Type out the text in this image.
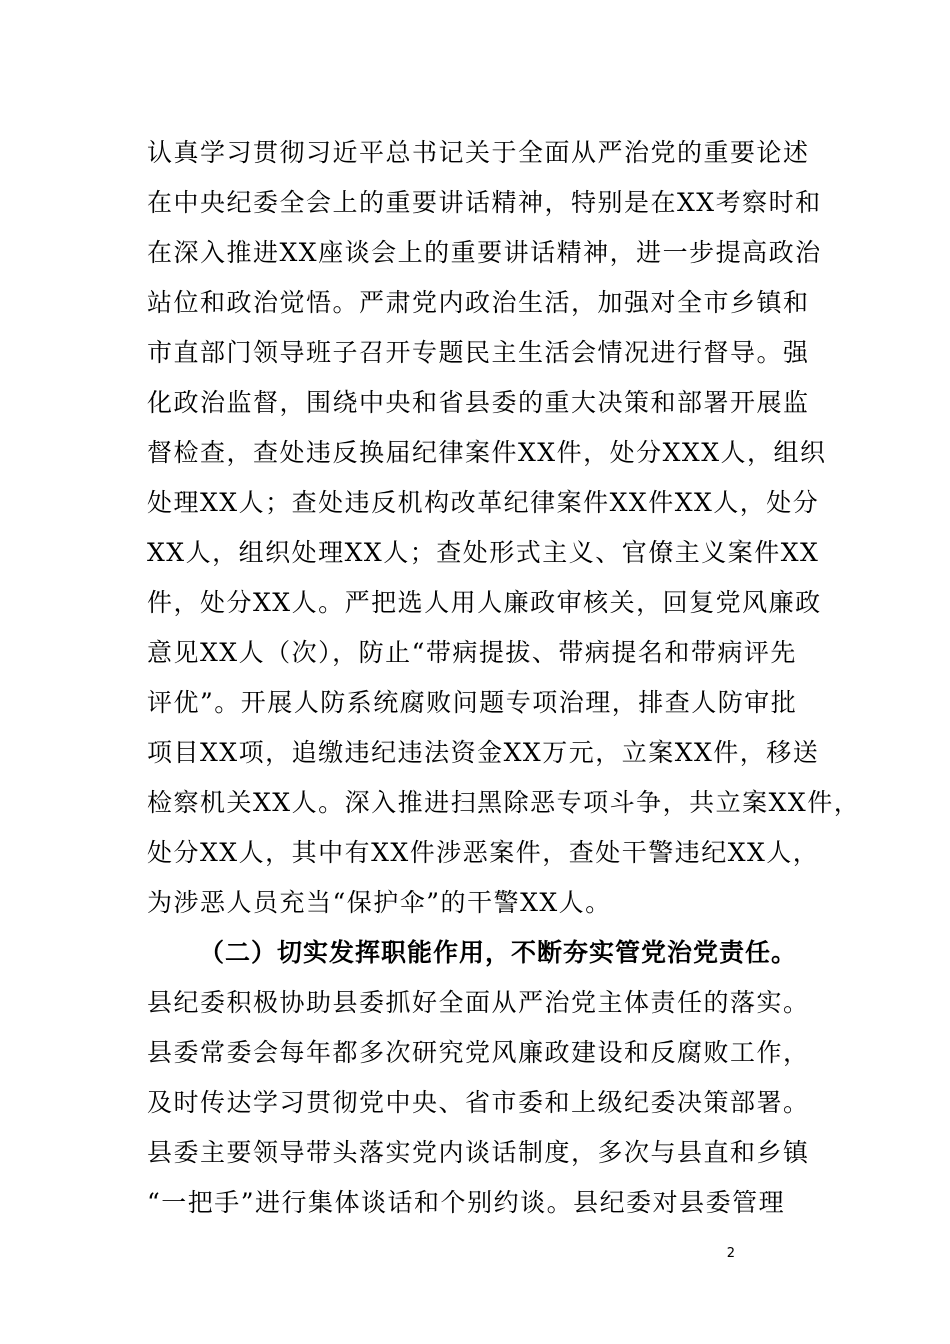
认真学习贯彻习近平总书记关于全面从严治党的重要论述
在中央纪委全会上的重要讲话精神，特别是在XX考察时和
在深入推进XX座谈会上的重要讲话精神，进一步提高政治
站位和政治觉悟。严肃党内政治生活，加强对全市乡镇和
市直部门领导班子召开专题民主生活会情况进行督导。强
化政治监督，围绕中央和省县委的重大决策和部署开展监
督检查，查处违反换届纪律案件XX件，处分XXX人，组织
处理XX人；查处违反机构改革纪律案件XX件XX人，处分
XX人，组织处理XX人；查处形式主义、官僚主义案件XX
件，处分XX人。严把选人用人廉政审核关，回复党风廉政
意见XX人（次），防止“带病提拔、带病提名和带病评先
评优”。开展人防系统腐败问题专项治理，排查人防审批
项目XX项，追缴违纪违法资金XX万元，立案XX件，移送
检察机关XX人。深入推进扫黑除恶专项斗争，共立案XX件，
处分XX人，其中有XX件涉恶案件，查处干警违纪XX人，
为涉恶人员充当“保护伞”的干警XX人。
（二）切实发挥职能作用，不断夯实管党治党责任。
县纪委积极协助县委抓好全面从严治党主体责任的落实。
县委常委会每年都多次研究党风廉政建设和反腐败工作，
及时传达学习贯彻党中央、省市委和上级纪委决策部署。
县委主要领导带头落实党内谈话制度，多次与县直和乡镇
“一把手”进行集体谈话和个别约谈。县纪委对县委管理
2
